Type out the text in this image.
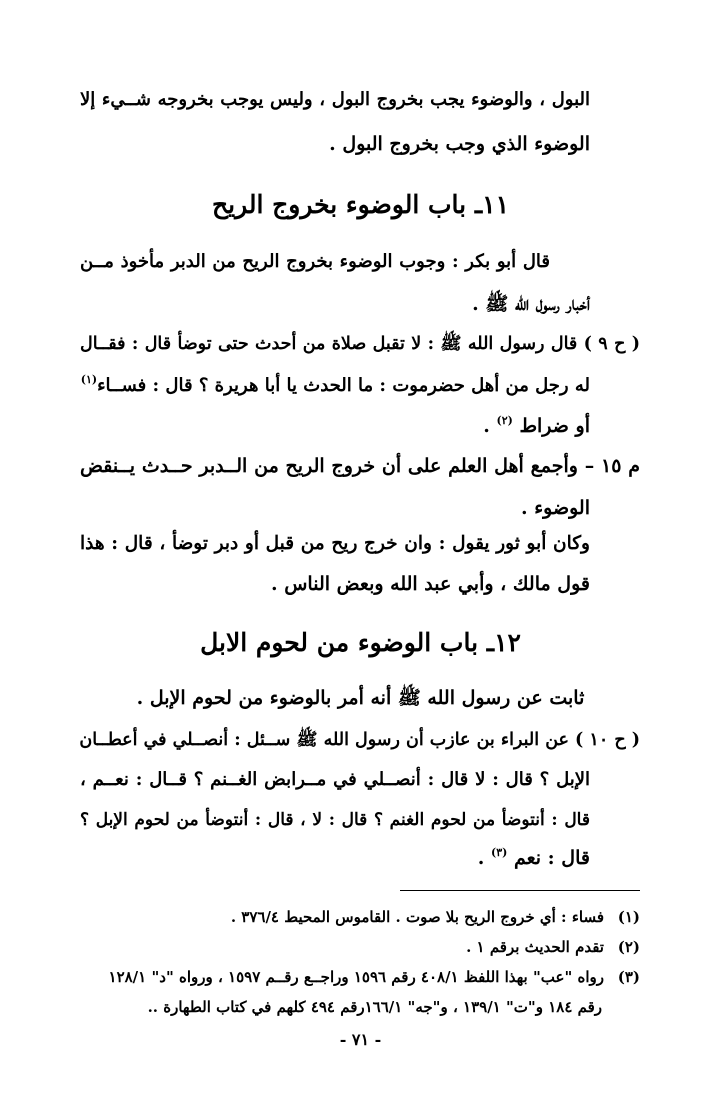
البول ، والوضوء يجب بخروج البول ، وليس يوجب بخروجه شــيء إلا
الوضوء الذي وجب بخروج البول .
١١ـ باب الوضوء بخروج الريح
قال أبو بكر : وجوب الوضوء بخروج الريح من الدبر مأخوذ مــن
أخبار رسول الله ﷺ .
( ح ٩ ) قال رسول الله ﷺ : لا تقبل صلاة من أحدث حتى توضأ قال : فقــال
له رجل من أهل حضرموت : ما الحدث يا أبا هريرة ؟ قال : فســاء$^{(١)}$
أو ضراط $^{(٢)}$ .
م ١٥ – وأجمع أهل العلم على أن خروج الريح من الــدبر حــدث يــنقض
الوضوء .
وكان أبو ثور يقول : وان خرج ريح من قبل أو دبر توضأ ، قال : هذا
قول مالك ، وأبي عبد الله وبعض الناس .
١٢ـ باب الوضوء من لحوم الابل
ثابت عن رسول الله ﷺ أنه أمر بالوضوء من لحوم الإبل .
( ح ١٠ ) عن البراء بن عازب أن رسول الله ﷺ ســئل : أنصــلي في أعطــان
الإبل ؟ قال : لا قال : أنصــلي في مــرابض الغــنم ؟ قــال : نعــم ،
قال : أنتوضأ من لحوم الغنم ؟ قال : لا ، قال : أنتوضأ من لحوم الإبل ؟
قال : نعم $^{(٣)}$ .
(١)فساء : أي خروج الريح بلا صوت . القاموس المحيط ٣٧٦/٤ .
(٢)تقدم الحديث برقم ١ .
(٣)رواه "عب" بهذا اللفظ ٤٠٨/١ رقم ١٥٩٦ وراجــع رقــم ١٥٩٧ ، ورواه "د" ١٢٨/١
رقم ١٨٤ و"ت" ١٣٩/١ ، و"جه" ١٦٦/١رقم ٤٩٤ كلهم في كتاب الطهارة ..
- ٧١ -
